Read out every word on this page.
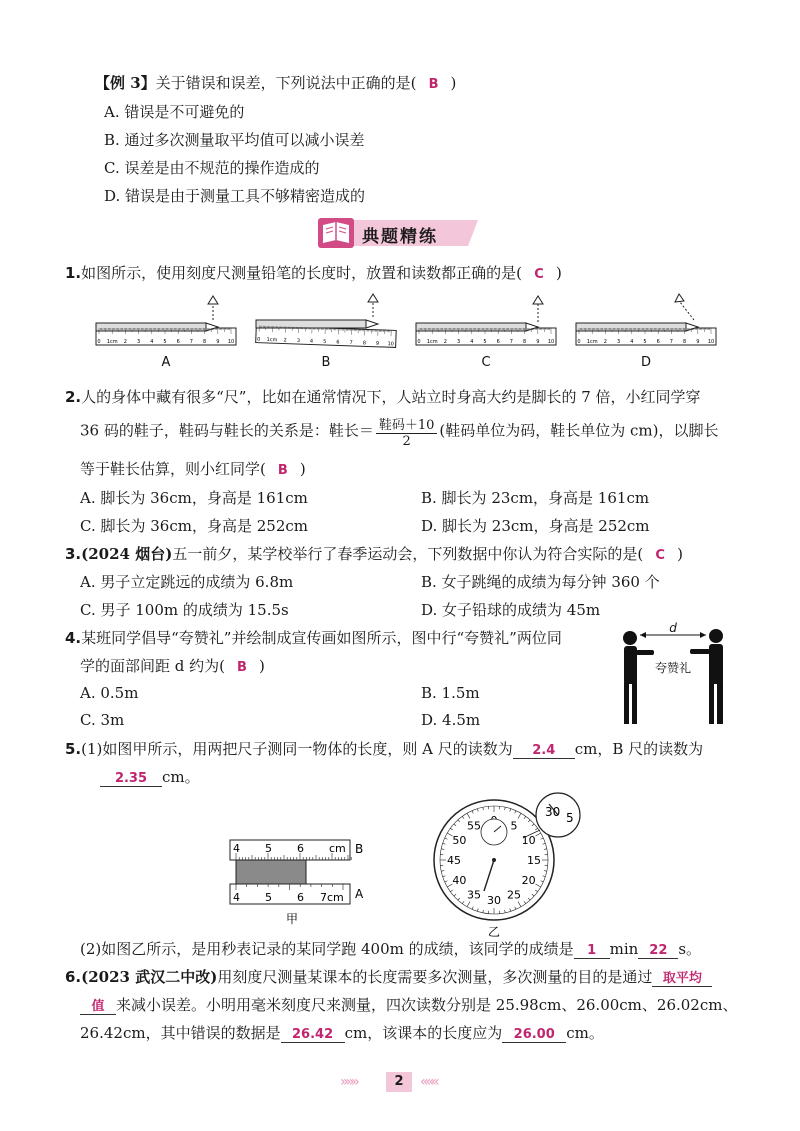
【例 3】关于错误和误差，下列说法中正确的是( B )
A. 错误是不可避免的
B. 通过多次测量取平均值可以减小误差
C. 误差是由不规范的操作造成的
D. 错误是由于测量工具不够精密造成的
典题精练
1.如图所示，使用刻度尺测量铅笔的长度时，放置和读数都正确的是( C )
A	B	C	D
0 1cm 2 3 4 5 6 7 8 9 10	0 1cm 2 3 4 5 6 7 8 9 10	0 1cm 2 3 4 5 6 7 8 9 10	0 1cm 2 3 4 5 6 7 8 9 10
2.人的身体中藏有很多“尺”，比如在通常情况下，人站立时身高大约是脚长的 7 倍，小红同学穿
36 码的鞋子，鞋码与鞋长的关系是：鞋长＝ $\frac{\text{鞋码＋10}}{2}$ (鞋码单位为码，鞋长单位为 cm)，以脚长
等于鞋长估算，则小红同学( B )
A. 脚长为 36cm，身高是 161cm	B. 脚长为 23cm，身高是 161cm
C. 脚长为 36cm，身高是 252cm	D. 脚长为 23cm，身高是 252cm
3.(2024 烟台)五一前夕，某学校举行了春季运动会，下列数据中你认为符合实际的是( C )
A. 男子立定跳远的成绩为 6.8m	B. 女子跳绳的成绩为每分钟 360 个
C. 男子 100m 的成绩为 15.5s	D. 女子铅球的成绩为 45m
4.某班同学倡导“夸赞礼”并绘制成宣传画如图所示，图中行“夸赞礼”两位同
学的面部间距 d 约为( B )
A. 0.5m	B. 1.5m
C. 3m	D. 4.5m
d
夸赞礼
5.(1)如图甲所示，用两把尺子测同一物体的长度，则 A 尺的读数为 2.4 cm，B 尺的读数为
2.35 cm。
4 5 6 cm B
4 5 6 7cm A
甲
5
10
15
20
25
30
35
40
45
50
55
30 5
乙
(2)如图乙所示，是用秒表记录的某同学跑 400m 的成绩，该同学的成绩是 1 min 22 s。
6.(2023 武汉二中改)用刻度尺测量某课本的长度需要多次测量，多次测量的目的是通过 取平均
值 来减小误差。小明用毫米刻度尺来测量，四次读数分别是 25.98cm、26.00cm、26.02cm、
26.42cm，其中错误的数据是 26.42 cm，该课本的长度应为 26.00 cm。
»»»	2	«««
